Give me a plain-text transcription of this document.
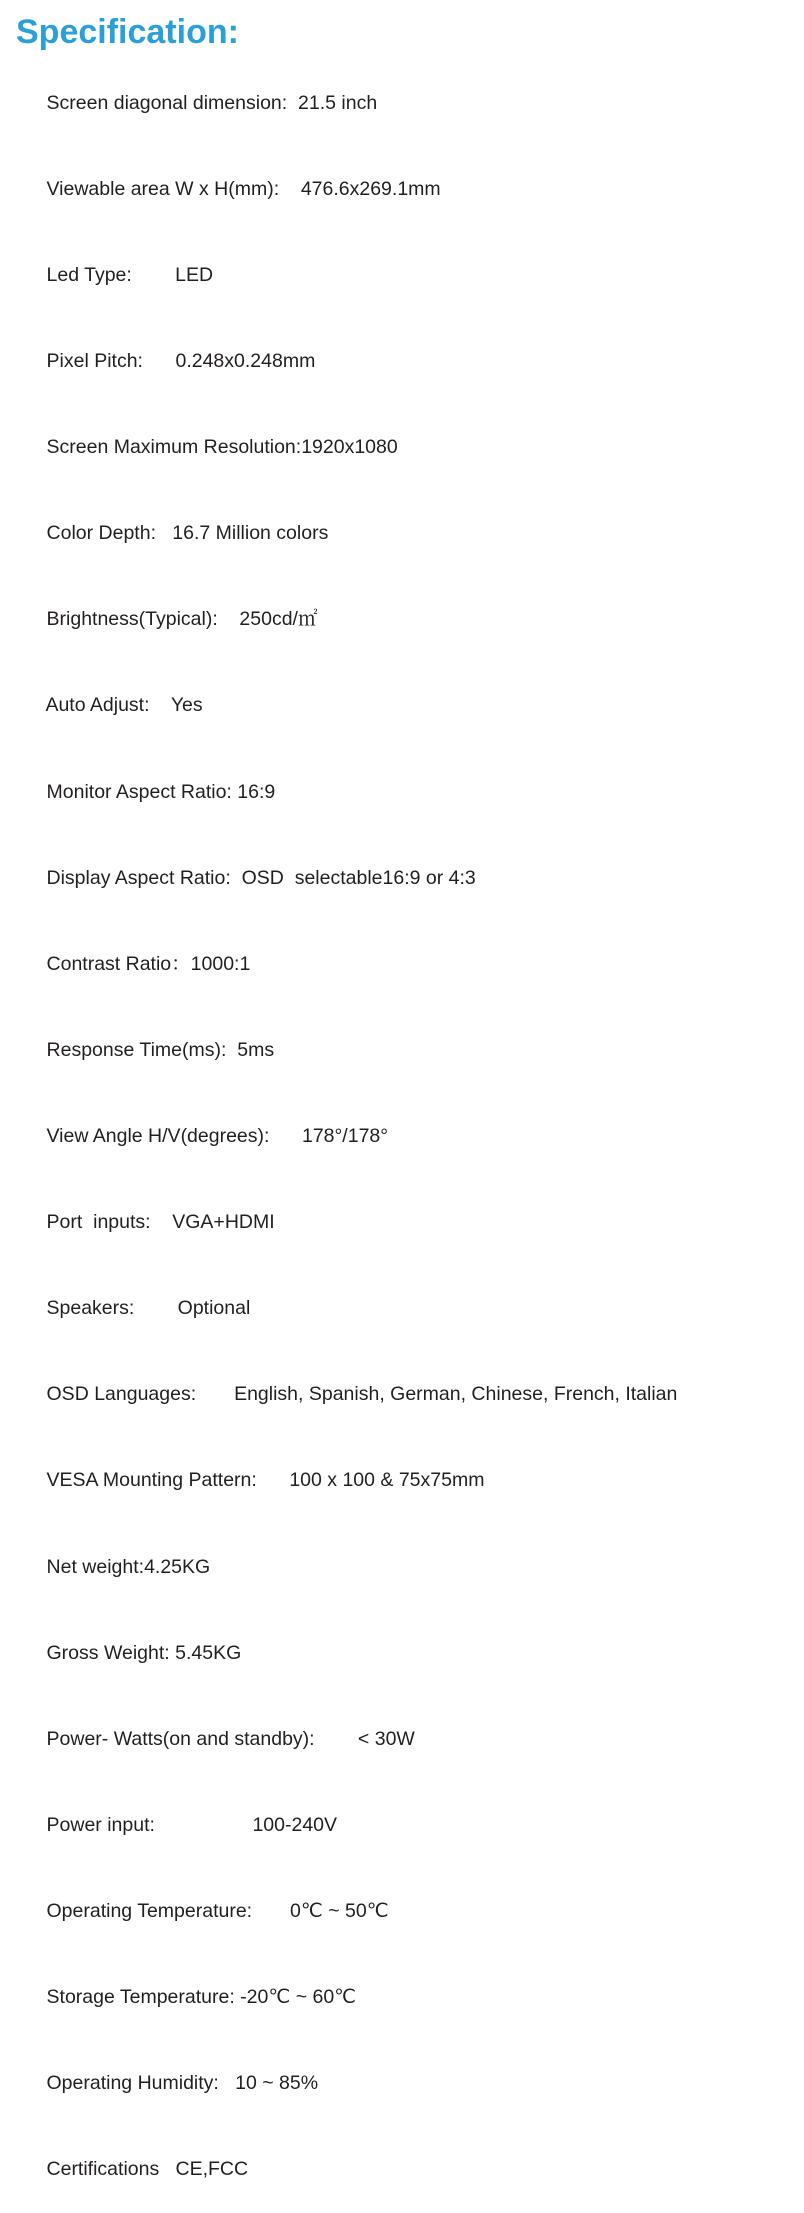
Specification:

Screen diagonal dimension: 21.5 inch

Viewable area W x H(mm): 476.6x269.1mm

Led Type: LED

Pixel Pitch: 0.248x0.248mm

Screen Maximum Resolution:1920x1080

Color Depth: 16.7 Million colors

Brightness(Typical): 250cd/㎡

Auto Adjust: Yes

Monitor Aspect Ratio: 16:9

Display Aspect Ratio: OSD  selectable16:9 or 4:3

Contrast Ratio：1000:1

Response Time(ms): 5ms

View Angle H/V(degrees): 178°/178°

Port  inputs: VGA+HDMI

Speakers: Optional

OSD Languages: English, Spanish, German, Chinese, French, Italian

VESA Mounting Pattern: 100 x 100 & 75x75mm

Net weight:4.25KG

Gross Weight: 5.45KG

Power- Watts(on and standby): < 30W

Power input:	100-240V

Operating Temperature: 0℃ ~ 50℃

Storage Temperature: -20℃ ~ 60℃

Operating Humidity: 10 ~ 85%

Certifications CE,FCC
